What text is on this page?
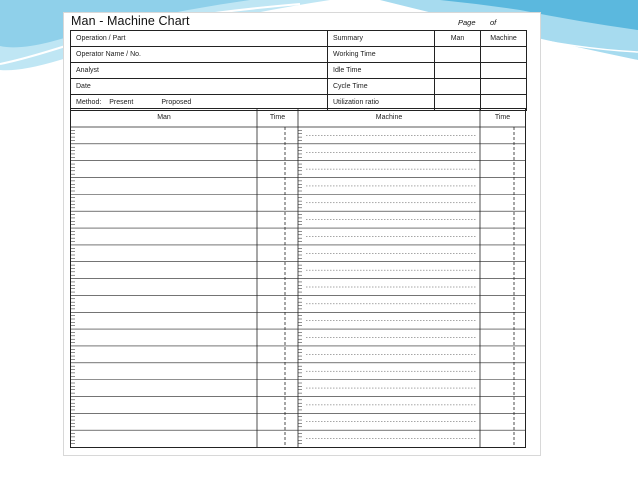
Man - Machine Chart	Page of
Operation / Part	Summary	Man	Machine
Operator Name / No.	Working Time		
Analyst	Idle Time		
Date	Cycle Time		
Method: Present Proposed	Utilization ratio		
Man	Time	Machine	Time
